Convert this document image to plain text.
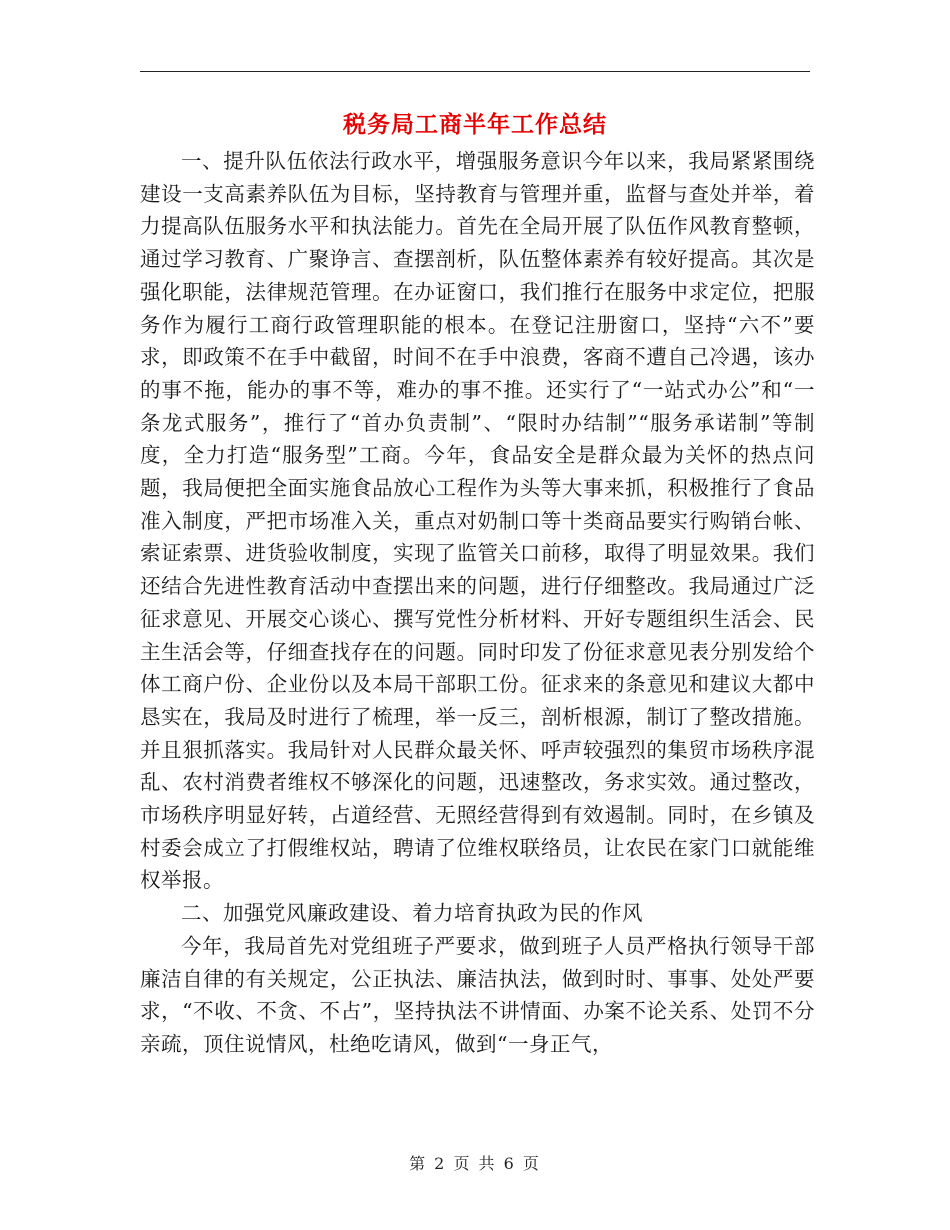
税务局工商半年工作总结

一、提升队伍依法行政水平，增强服务意识今年以来，我局紧紧围绕建设一支高素养队伍为目标，坚持教育与管理并重，监督与查处并举，着力提高队伍服务水平和执法能力。首先在全局开展了队伍作风教育整顿，通过学习教育、广聚诤言、查摆剖析，队伍整体素养有较好提高。其次是强化职能，法律规范管理。在办证窗口，我们推行在服务中求定位，把服务作为履行工商行政管理职能的根本。在登记注册窗口，坚持“六不”要求，即政策不在手中截留，时间不在手中浪费，客商不遭自己冷遇，该办的事不拖，能办的事不等，难办的事不推。还实行了“一站式办公”和“一条龙式服务”，推行了“首办负责制”、“限时办结制”“服务承诺制”等制度，全力打造“服务型”工商。今年，食品安全是群众最为关怀的热点问题，我局便把全面实施食品放心工程作为头等大事来抓，积极推行了食品准入制度，严把市场准入关，重点对奶制口等十类商品要实行购销台帐、索证索票、进货验收制度，实现了监管关口前移，取得了明显效果。我们还结合先进性教育活动中查摆出来的问题，进行仔细整改。我局通过广泛征求意见、开展交心谈心、撰写党性分析材料、开好专题组织生活会、民主生活会等，仔细查找存在的问题。同时印发了份征求意见表分别发给个体工商户份、企业份以及本局干部职工份。征求来的条意见和建议大都中恳实在，我局及时进行了梳理，举一反三，剖析根源，制订了整改措施。并且狠抓落实。我局针对人民群众最关怀、呼声较强烈的集贸市场秩序混乱、农村消费者维权不够深化的问题，迅速整改，务求实效。通过整改，市场秩序明显好转，占道经营、无照经营得到有效遏制。同时，在乡镇及村委会成立了打假维权站，聘请了位维权联络员，让农民在家门口就能维权举报。

二、加强党风廉政建设、着力培育执政为民的作风

今年，我局首先对党组班子严要求，做到班子人员严格执行领导干部廉洁自律的有关规定，公正执法、廉洁执法，做到时时、事事、处处严要求，“不收、不贪、不占”，坚持执法不讲情面、办案不论关系、处罚不分亲疏，顶住说情风，杜绝吃请风，做到“一身正气，

第 2 页 共 6 页
